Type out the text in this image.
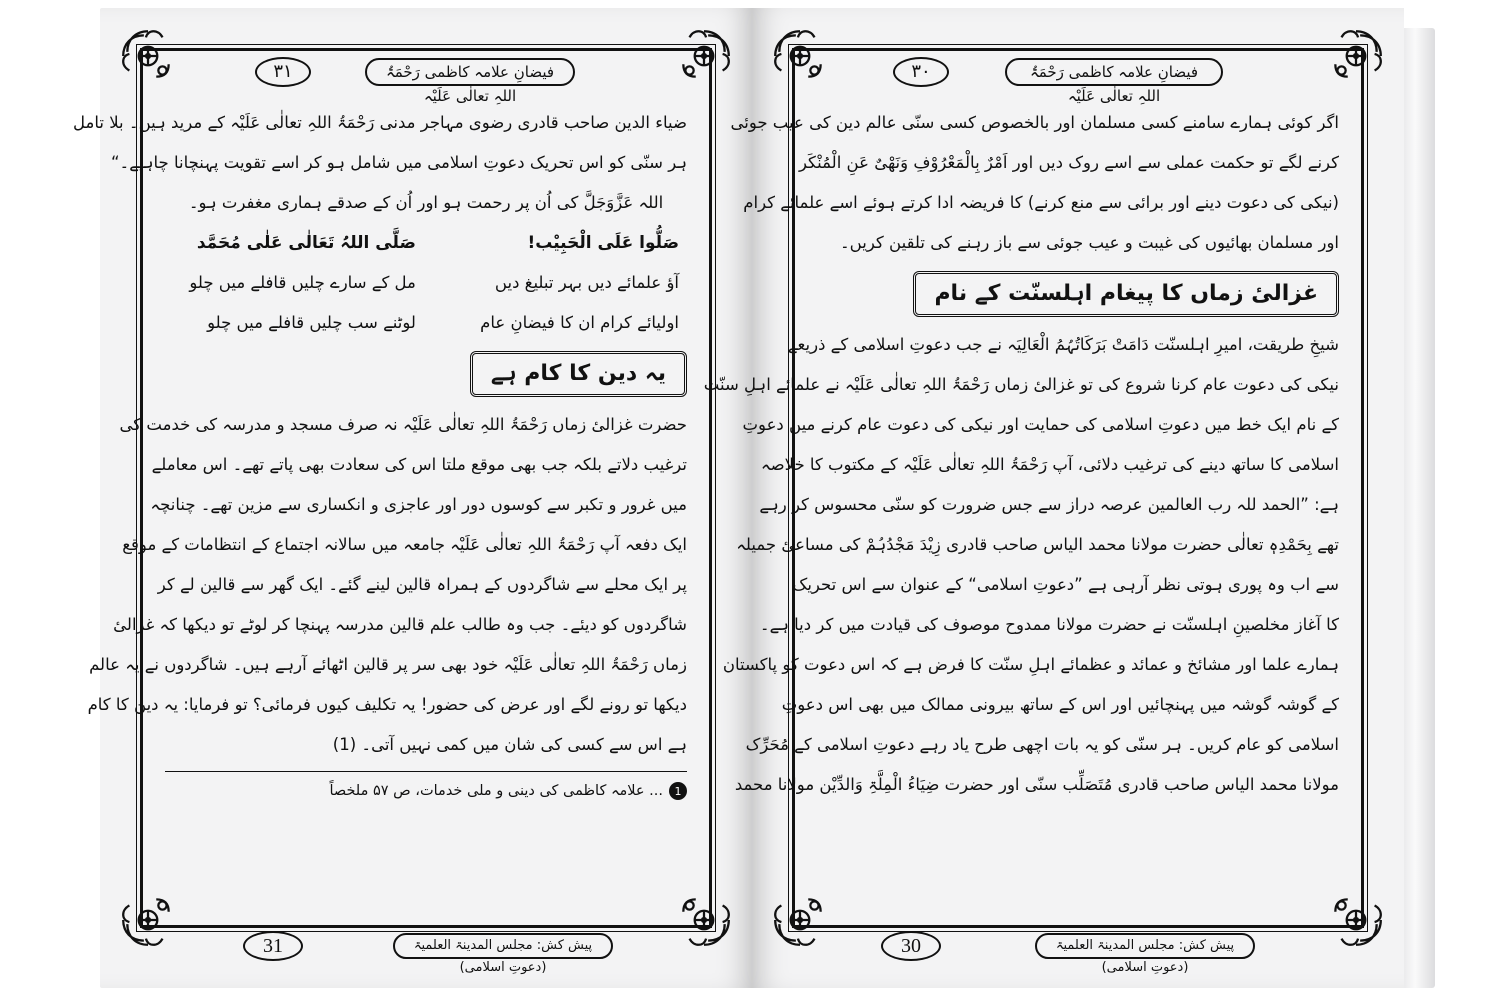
۳۱	فیضانِ علامہ کاظمی رَحْمَۃُ اللہِ تعالٰی عَلَیْہ
ضیاء الدین صاحب قادری رضوی مہاجر مدنی رَحْمَۃُ اللہِ تعالٰی عَلَیْہ کے مرید ہیں۔ بلا تامل
ہر سنّی کو اس تحریک دعوتِ اسلامی میں شامل ہو کر اسے تقویت پہنچانا چاہیے۔“
اللہ عَزَّوَجَلَّ کی اُن پر رحمت ہو اور اُن کے صدقے ہماری مغفرت ہو۔
صَلُّوا عَلَی الْحَبِیْب!
آؤ علمائے دیں بہر تبلیغ دیں
اولیائے کرام ان کا فیضانِ عام
صَلَّی اللہُ تَعَالٰی عَلٰی مُحَمَّد
مل کے سارے چلیں قافلے میں چلو
لوٹنے سب چلیں قافلے میں چلو
یہ دین کا کام ہے
حضرت غزالیٔ زماں رَحْمَۃُ اللہِ تعالٰی عَلَیْہ نہ صرف مسجد و مدرسہ کی خدمت کی
ترغیب دلاتے بلکہ جب بھی موقع ملتا اس کی سعادت بھی پاتے تھے۔ اس معاملے
میں غرور و تکبر سے کوسوں دور اور عاجزی و انکساری سے مزین تھے۔ چنانچہ
ایک دفعہ آپ رَحْمَۃُ اللہِ تعالٰی عَلَیْہ جامعہ میں سالانہ اجتماع کے انتظامات کے موقع
پر ایک محلے سے شاگردوں کے ہمراہ قالین لینے گئے۔ ایک گھر سے قالین لے کر
شاگردوں کو دیئے۔ جب وہ طالب علم قالین مدرسہ پہنچا کر لوٹے تو دیکھا کہ غزالیٔ
زماں رَحْمَۃُ اللہِ تعالٰی عَلَیْہ خود بھی سر پر قالین اٹھائے آرہے ہیں۔ شاگردوں نے یہ عالم
دیکھا تو رونے لگے اور عرض کی حضور! یہ تکلیف کیوں فرمائی؟ تو فرمایا: یہ دین کا کام
ہے اس سے کسی کی شان میں کمی نہیں آتی۔ (1)
1
... علامہ کاظمی کی دینی و ملی خدمات، ص ۵۷ ملخصاً
31	پیش کش: مجلس المدینۃ العلمیۃ (دعوتِ اسلامی)
۳۰	فیضانِ علامہ کاظمی رَحْمَۃُ اللہِ تعالٰی عَلَیْہ
اگر کوئی ہمارے سامنے کسی مسلمان اور بالخصوص کسی سنّی عالم دین کی عیب جوئی
کرنے لگے تو حکمت عملی سے اسے روک دیں اور اَمْرٌ بِالْمَعْرُوْفِ وَنَھْیٌ عَنِ الْمُنْکَر
(نیکی کی دعوت دینے اور برائی سے منع کرنے) کا فریضہ ادا کرتے ہوئے اسے علمائے کرام
اور مسلمان بھائیوں کی غیبت و عیب جوئی سے باز رہنے کی تلقین کریں۔
غزالیٔ زماں کا پیغام اہلسنّت کے نام
شیخِ طریقت، امیرِ اہلسنّت دَامَتْ بَرَکَاتُہُمُ الْعَالِیَہ نے جب دعوتِ اسلامی کے ذریعے
نیکی کی دعوت عام کرنا شروع کی تو غزالیٔ زماں رَحْمَۃُ اللہِ تعالٰی عَلَیْہ نے علمائے اہلِ سنّت
کے نام ایک خط میں دعوتِ اسلامی کی حمایت اور نیکی کی دعوت عام کرنے میں دعوتِ
اسلامی کا ساتھ دینے کی ترغیب دلائی، آپ رَحْمَۃُ اللہِ تعالٰی عَلَیْہ کے مکتوب کا خلاصہ
ہے: ”الحمد للہ رب العالمین عرصہ دراز سے جس ضرورت کو سنّی محسوس کر رہے
تھے بِحَمْدِہٖ تعالٰی حضرت مولانا محمد الیاس صاحب قادری زِیْدَ مَجْدُہُمْ کی مساعیٔ جمیلہ
سے اب وہ پوری ہوتی نظر آرہی ہے ”دعوتِ اسلامی“ کے عنوان سے اس تحریک
کا آغاز مخلصینِ اہلسنّت نے حضرت مولانا ممدوح موصوف کی قیادت میں کر دیا ہے۔
ہمارے علما اور مشائخ و عمائد و عظمائے اہلِ سنّت کا فرض ہے کہ اس دعوت کو پاکستان
کے گوشہ گوشہ میں پہنچائیں اور اس کے ساتھ بیرونی ممالک میں بھی اس دعوتِ
اسلامی کو عام کریں۔ ہر سنّی کو یہ بات اچھی طرح یاد رہے دعوتِ اسلامی کے مُحَرِّک
مولانا محمد الیاس صاحب قادری مُتَصَلِّب سنّی اور حضرت ضِیَاءُ الْمِلَّۃِ وَالدِّیْن مولانا محمد
30	پیش کش: مجلس المدینۃ العلمیۃ (دعوتِ اسلامی)
